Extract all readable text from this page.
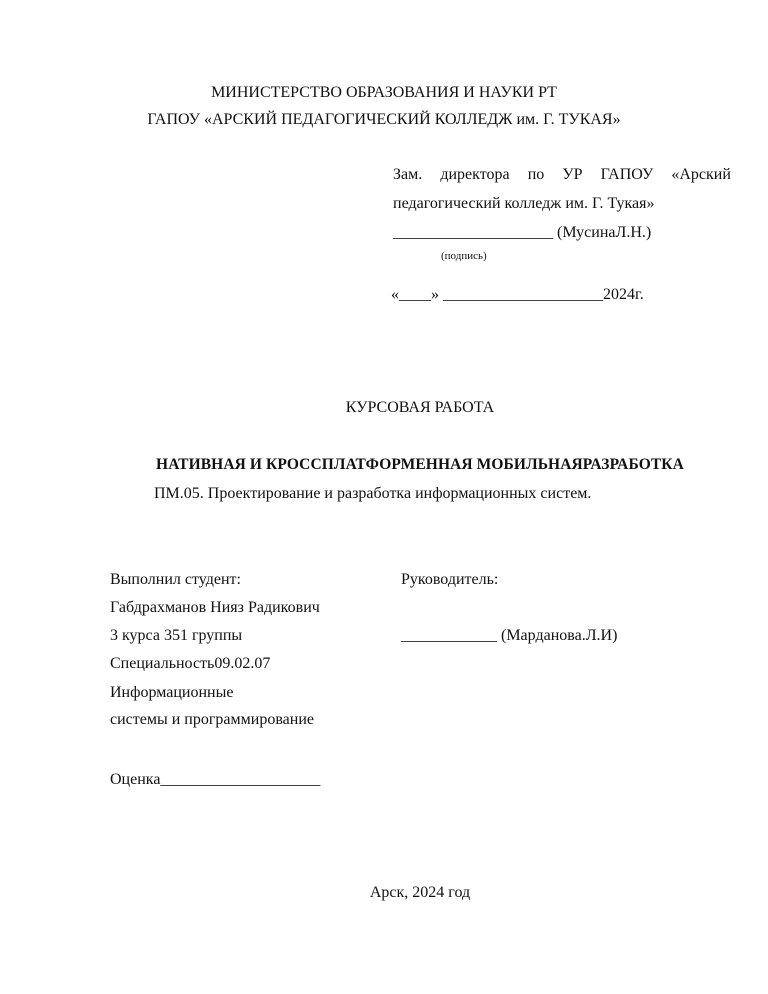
МИНИСТЕРСТВО ОБРАЗОВАНИЯ И НАУКИ РТ
ГАПОУ «АРСКИЙ ПЕДАГОГИЧЕСКИЙ КОЛЛЕДЖ им. Г. ТУКАЯ»
Зам. директора по УР ГАПОУ «Арский
педагогический колледж им. Г. Тукая»
____________________ (МусинаЛ.Н.)
(подпись)
«____» ____________________2024г.
КУРСОВАЯ РАБОТА
НАТИВНАЯ И КРОССПЛАТФОРМЕННАЯ МОБИЛЬНАЯРАЗРАБОТКА
ПМ.05. Проектирование и разработка информационных систем.
Выполнил студент:
Габдрахманов Нияз Радикович
3 курса 351 группы
Специальность09.02.07
Информационные
системы и программирование
Оценка____________________
Руководитель:
____________ (Марданова.Л.И)
Арск, 2024 год
